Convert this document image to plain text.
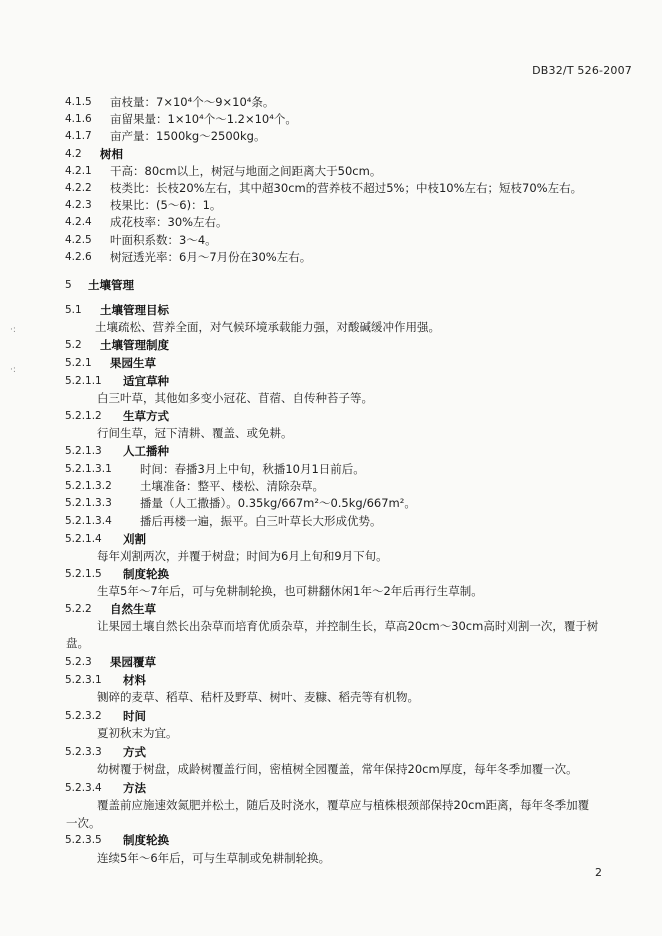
DB32/T 526-2007
·:
·:
4.1.5 亩枝量：7×10⁴个～9×10⁴条。
4.1.6 亩留果量：1×10⁴个～1.2×10⁴个。
4.1.7 亩产量：1500kg～2500kg。
4.2 树相
4.2.1 干高：80cm以上，树冠与地面之间距离大于50cm。
4.2.2 枝类比：长枝20%左右，其中超30cm的营养枝不超过5%；中枝10%左右；短枝70%左右。
4.2.3 枝果比：(5～6)：1。
4.2.4 成花枝率：30%左右。
4.2.5 叶面积系数：3～4。
4.2.6 树冠透光率：6月～7月份在30%左右。
5 土壤管理
5.1 土壤管理目标
土壤疏松、营养全面，对气候环境承载能力强，对酸碱缓冲作用强。
5.2 土壤管理制度
5.2.1 果园生草
5.2.1.1 适宜草种
白三叶草，其他如多变小冠花、苜蓿、自传种苔子等。
5.2.1.2 生草方式
行间生草，冠下清耕、覆盖、或免耕。
5.2.1.3 人工播种
5.2.1.3.1 时间：春播3月上中旬，秋播10月1日前后。
5.2.1.3.2 土壤准备：整平、楼松、清除杂草。
5.2.1.3.3 播量（人工撒播）。0.35kg/667m²～0.5kg/667m²。
5.2.1.3.4 播后再楼一遍，振平。白三叶草长大形成优势。
5.2.1.4 刈割
每年刈割两次，并覆于树盘；时间为6月上旬和9月下旬。
5.2.1.5 制度轮换
生草5年～7年后，可与免耕制轮换，也可耕翻休闲1年～2年后再行生草制。
5.2.2 自然生草
让果园土壤自然长出杂草而培育优质杂草，并控制生长，草高20cm～30cm高时刈割一次，覆于树
盘。
5.2.3 果园覆草
5.2.3.1 材料
铡碎的麦草、稻草、秸杆及野草、树叶、麦糠、稻壳等有机物。
5.2.3.2 时间
夏初秋末为宜。
5.2.3.3 方式
幼树覆于树盘，成龄树覆盖行间，密植树全园覆盖，常年保持20cm厚度，每年冬季加覆一次。
5.2.3.4 方法
覆盖前应施速效氮肥并松土，随后及时浇水，覆草应与植株根颈部保持20cm距离，每年冬季加覆
一次。
5.2.3.5 制度轮换
连续5年～6年后，可与生草制或免耕制轮换。
2
